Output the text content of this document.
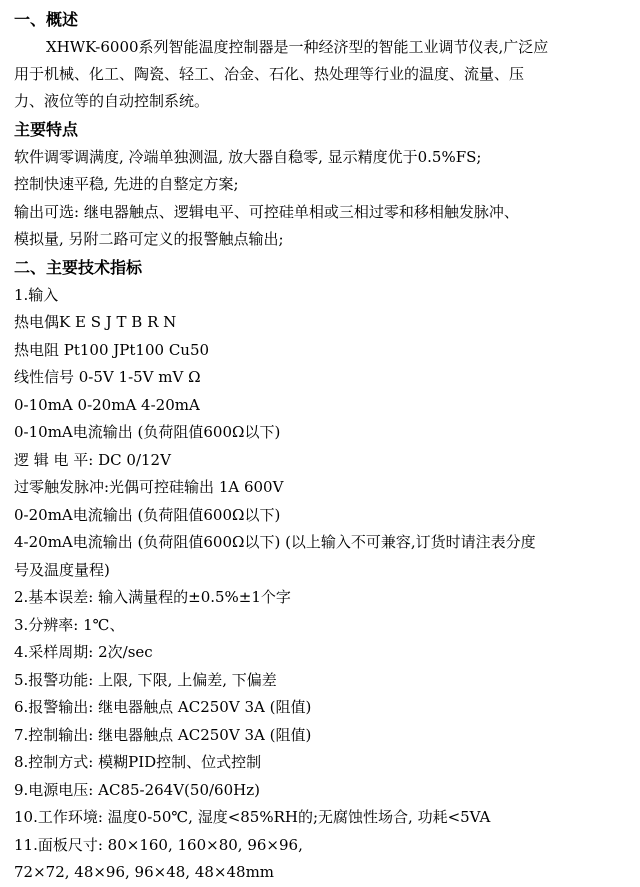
一、概述
XHWK-6000系列智能温度控制器是一种经济型的智能工业调节仪表,广泛应
用于机械、化工、陶瓷、轻工、冶金、石化、热处理等行业的温度、流量、压
力、液位等的自动控制系统。
主要特点
软件调零调满度, 冷端单独测温, 放大器自稳零, 显示精度优于0.5%FS;
控制快速平稳, 先进的自整定方案;
输出可选: 继电器触点、逻辑电平、可控硅单相或三相过零和移相触发脉冲、
模拟量, 另附二路可定义的报警触点输出;
二、主要技术指标
1.输入
热电偶K E S J T B R N
热电阻 Pt100 JPt100 Cu50
线性信号 0-5V 1-5V mV Ω
0-10mA 0-20mA 4-20mA
0-10mA电流输出 (负荷阻值600Ω以下)
逻 辑 电 平: DC 0/12V
过零触发脉冲:光偶可控硅输出 1A 600V
0-20mA电流输出 (负荷阻值600Ω以下)
4-20mA电流输出 (负荷阻值600Ω以下) (以上输入不可兼容,订货时请注表分度
号及温度量程)
2.基本误差: 输入满量程的±0.5%±1个字
3.分辨率: 1℃、
4.采样周期: 2次/sec
5.报警功能: 上限, 下限, 上偏差, 下偏差
6.报警输出: 继电器触点 AC250V 3A (阻值)
7.控制输出: 继电器触点 AC250V 3A (阻值)
8.控制方式: 模糊PID控制、位式控制
9.电源电压: AC85-264V(50/60Hz)
10.工作环境: 温度0-50℃, 湿度<85%RH的;无腐蚀性场合, 功耗<5VA
11.面板尺寸: 80×160, 160×80, 96×96,
72×72, 48×96, 96×48, 48×48mm
